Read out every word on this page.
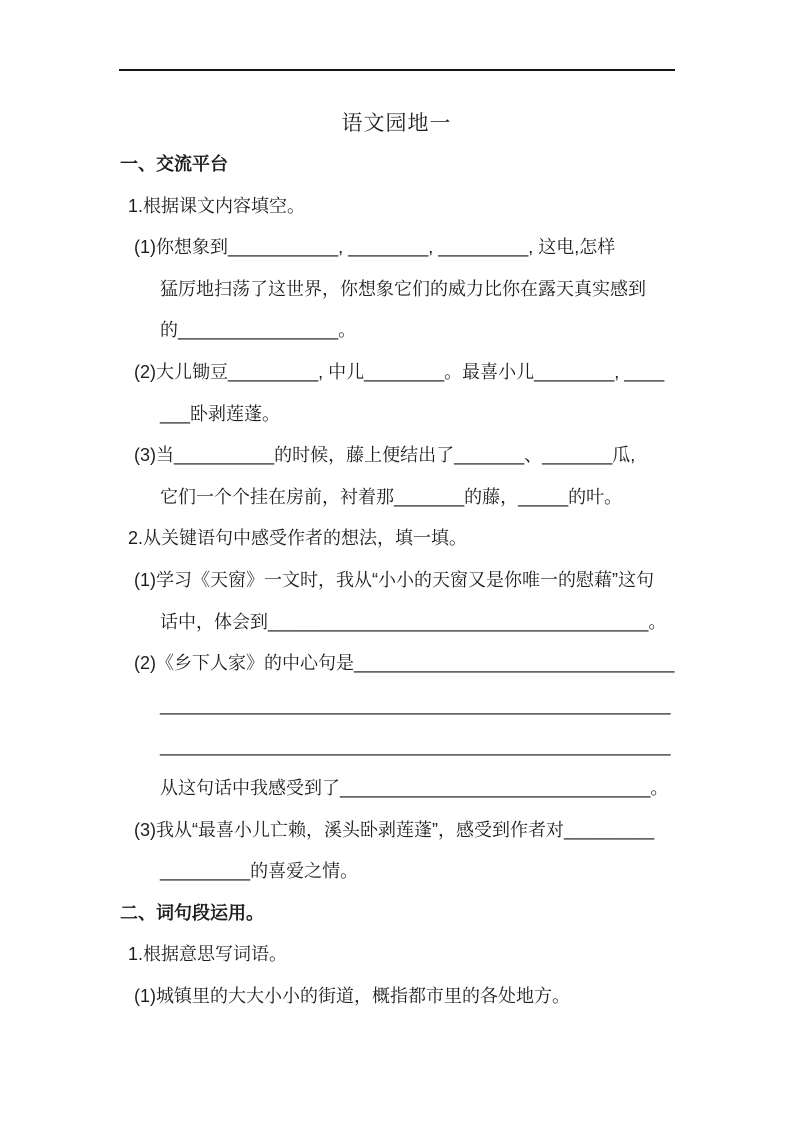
语文园地一
一、交流平台
1.根据课文内容填空。
(1)你想象到___________, ________, _________, 这电,怎样
猛厉地扫荡了这世界，你想象它们的威力比你在露天真实感到
的________________。
(2)大儿锄豆_________, 中儿________。最喜小儿________, ____
___卧剥莲蓬。
(3)当__________的时候，藤上便结出了_______、_______瓜,
它们一个个挂在房前，衬着那_______的藤，_____的叶。
2.从关键语句中感受作者的想法，填一填。
(1)学习《天窗》一文时，我从“小小的天窗又是你唯一的慰藉”这句
话中，体会到______________________________________。
(2)《乡下人家》的中心句是________________________________
___________________________________________________
___________________________________________________
从这句话中我感受到了_______________________________。
(3)我从“最喜小儿亡赖，溪头卧剥莲蓬”，感受到作者对_________
_________的喜爱之情。
二、词句段运用。
1.根据意思写词语。
(1)城镇里的大大小小的街道，概指都市里的各处地方。
